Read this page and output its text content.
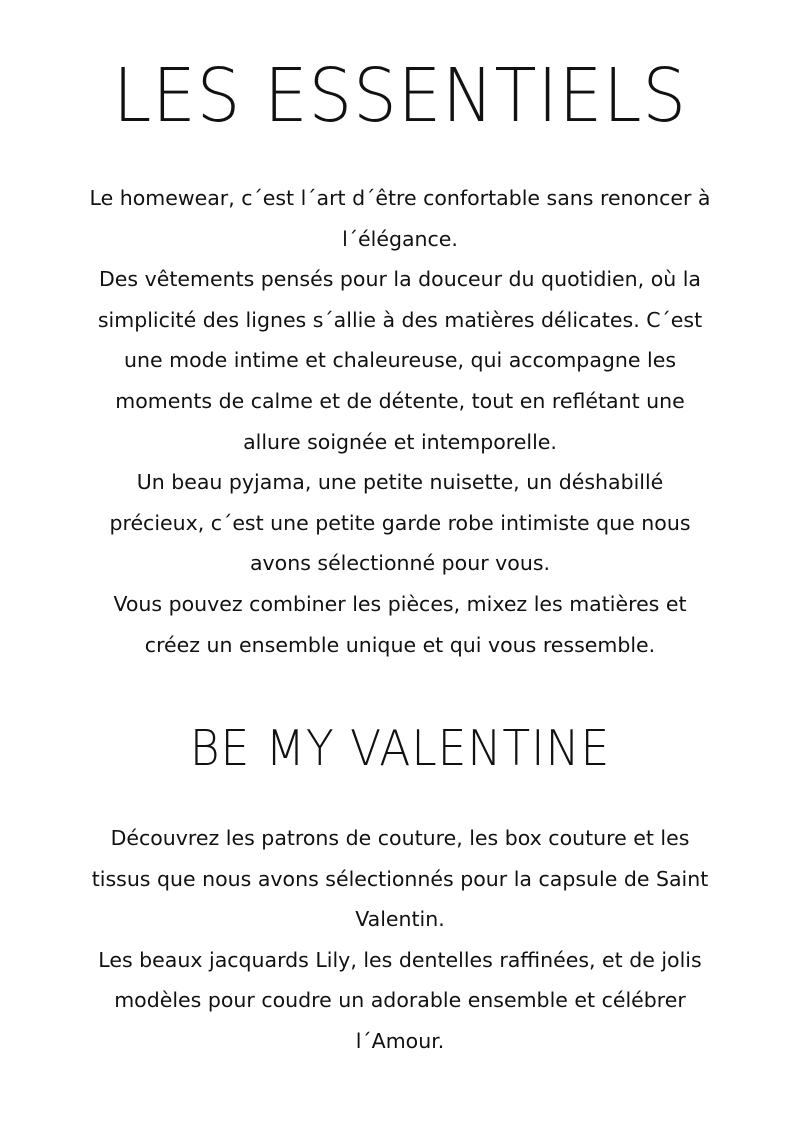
LES ESSENTIELS
Le homewear, c´est l´art d´être confortable sans renoncer à
l´élégance.
Des vêtements pensés pour la douceur du quotidien, où la
simplicité des lignes s´allie à des matières délicates. C´est
une mode intime et chaleureuse, qui accompagne les
moments de calme et de détente, tout en reflétant une
allure soignée et intemporelle.
Un beau pyjama, une petite nuisette, un déshabillé
précieux, c´est une petite garde robe intimiste que nous
avons sélectionné pour vous.
Vous pouvez combiner les pièces, mixez les matières et
créez un ensemble unique et qui vous ressemble.
BE MY VALENTINE
Découvrez les patrons de couture, les box couture et les
tissus que nous avons sélectionnés pour la capsule de Saint
Valentin.
Les beaux jacquards Lily, les dentelles raffinées, et de jolis
modèles pour coudre un adorable ensemble et célébrer
l´Amour.
